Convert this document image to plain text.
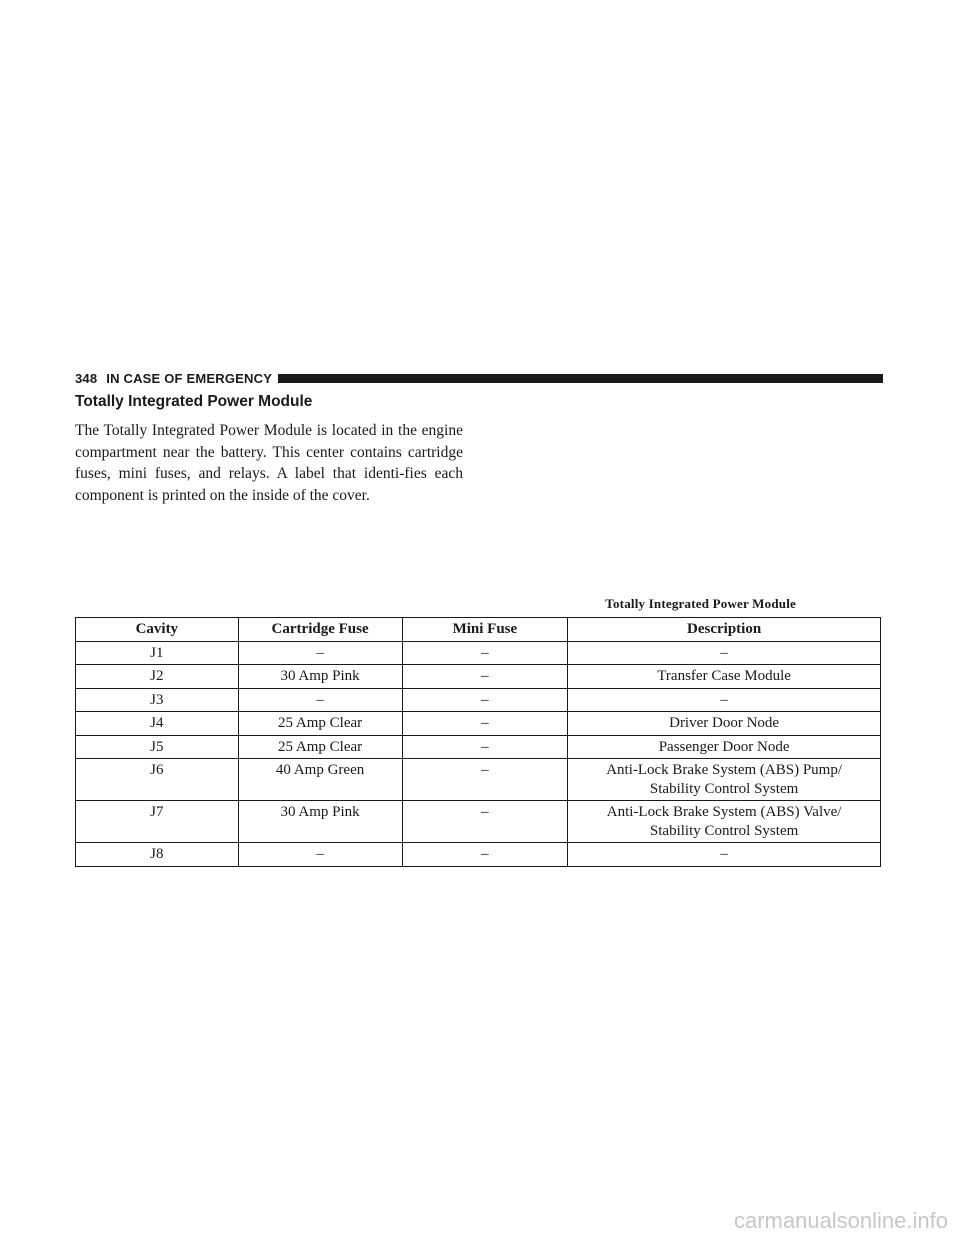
348 IN CASE OF EMERGENCY
Totally Integrated Power Module

The Totally Integrated Power Module is located in the engine compartment near the battery. This center contains cartridge fuses, mini fuses, and relays. A label that identi-fies each component is printed on the inside of the cover.

Totally Integrated Power Module
Cavity	Cartridge Fuse	Mini Fuse	Description
J1	–	–	–

J2	30 Amp Pink	–	Transfer Case Module

J3	–	–	–

J4	25 Amp Clear	–	Driver Door Node

J5	25 Amp Clear	–	Passenger Door Node

J6	40 Amp Green	–	Anti-Lock Brake System (ABS) Pump/
Stability Control System

J7	30 Amp Pink	–	Anti-Lock Brake System (ABS) Valve/
Stability Control System

J8	–	–	–
carmanualsonline.info
